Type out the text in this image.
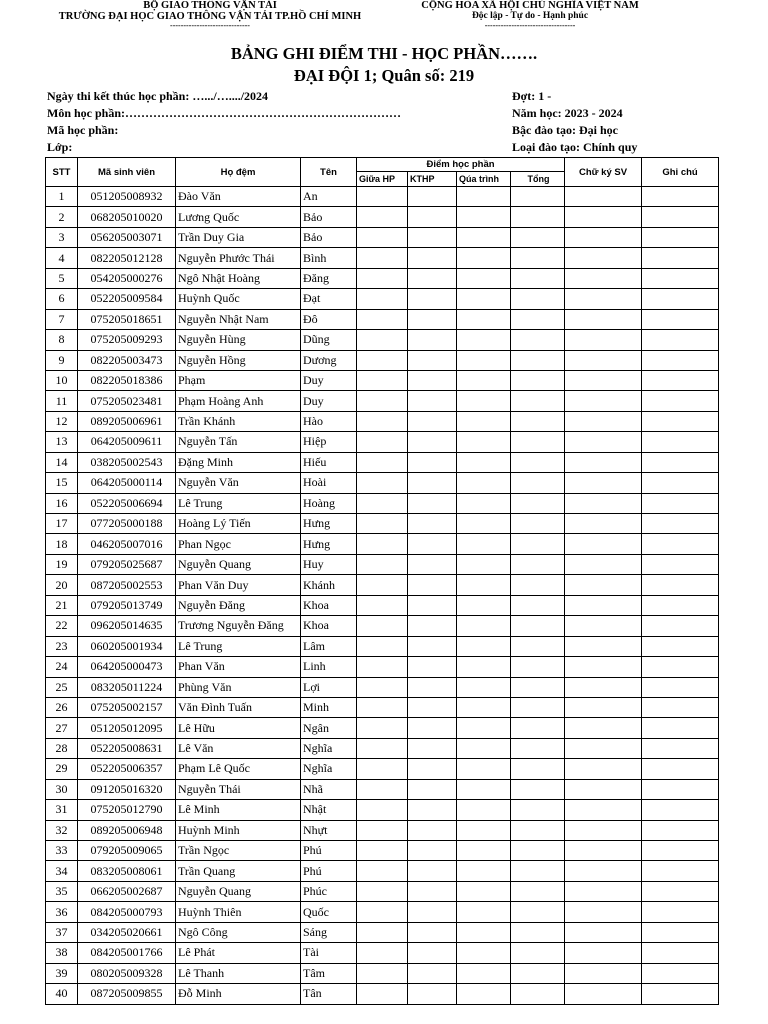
BỘ GIAO THÔNG VẬN TẢI
TRƯỜNG ĐẠI HỌC GIAO THÔNG VẬN TẢI TP.HỒ CHÍ MINH
------------------------------
CỘNG HÒA XÃ HỘI CHỦ NGHĨA VIỆT NAM
Độc lập - Tự do - Hạnh phúc
----------------------------------
BẢNG GHI ĐIỂM THI - HỌC PHẦN…….
ĐẠI ĐỘI 1; Quân số: 219
Ngày thi kết thúc học phần: ….../…..../2024
Môn học phần:……………………………………………………………
Mã học phần:
Lớp:
Đợt: 1 -
Năm học: 2023 - 2024
Bậc đào tạo: Đại học
Loại đào tạo: Chính quy
STT	Mã sinh viên	Họ đệm	Tên	Điểm học phần				Chữ ký SV	Ghi chú
				Giữa HP	KTHP	Qúa trình	Tổng		
1	051205008932	Đào Văn	An						
2	068205010020	Lương Quốc	Bảo						
3	056205003071	Trần Duy Gia	Bảo						
4	082205012128	Nguyễn Phước Thái	Bình						
5	054205000276	Ngô Nhật Hoàng	Đăng						
6	052205009584	Huỳnh Quốc	Đạt						
7	075205018651	Nguyễn Nhật Nam	Đô						
8	075205009293	Nguyễn Hùng	Dũng						
9	082205003473	Nguyễn Hồng	Dương						
10	082205018386	Phạm	Duy						
11	075205023481	Phạm Hoàng Anh	Duy						
12	089205006961	Trần Khánh	Hào						
13	064205009611	Nguyễn Tấn	Hiệp						
14	038205002543	Đặng Minh	Hiếu						
15	064205000114	Nguyễn Văn	Hoài						
16	052205006694	Lê Trung	Hoàng						
17	077205000188	Hoàng Lý Tiến	Hưng						
18	046205007016	Phan Ngọc	Hưng						
19	079205025687	Nguyễn Quang	Huy						
20	087205002553	Phan Văn Duy	Khánh						
21	079205013749	Nguyễn Đăng	Khoa						
22	096205014635	Trương Nguyễn Đăng	Khoa						
23	060205001934	Lê Trung	Lâm						
24	064205000473	Phan Văn	Linh						
25	083205011224	Phùng Văn	Lợi						
26	075205002157	Văn Đình Tuấn	Minh						
27	051205012095	Lê Hữu	Ngân						
28	052205008631	Lê Văn	Nghĩa						
29	052205006357	Phạm Lê Quốc	Nghĩa						
30	091205016320	Nguyễn Thái	Nhã						
31	075205012790	Lê Minh	Nhật						
32	089205006948	Huỳnh Minh	Nhựt						
33	079205009065	Trần Ngọc	Phú						
34	083205008061	Trần Quang	Phú						
35	066205002687	Nguyễn Quang	Phúc						
36	084205000793	Huỳnh Thiên	Quốc						
37	034205020661	Ngô Công	Sáng						
38	084205001766	Lê Phát	Tài						
39	080205009328	Lê Thanh	Tâm						
40	087205009855	Đỗ Minh	Tân						
